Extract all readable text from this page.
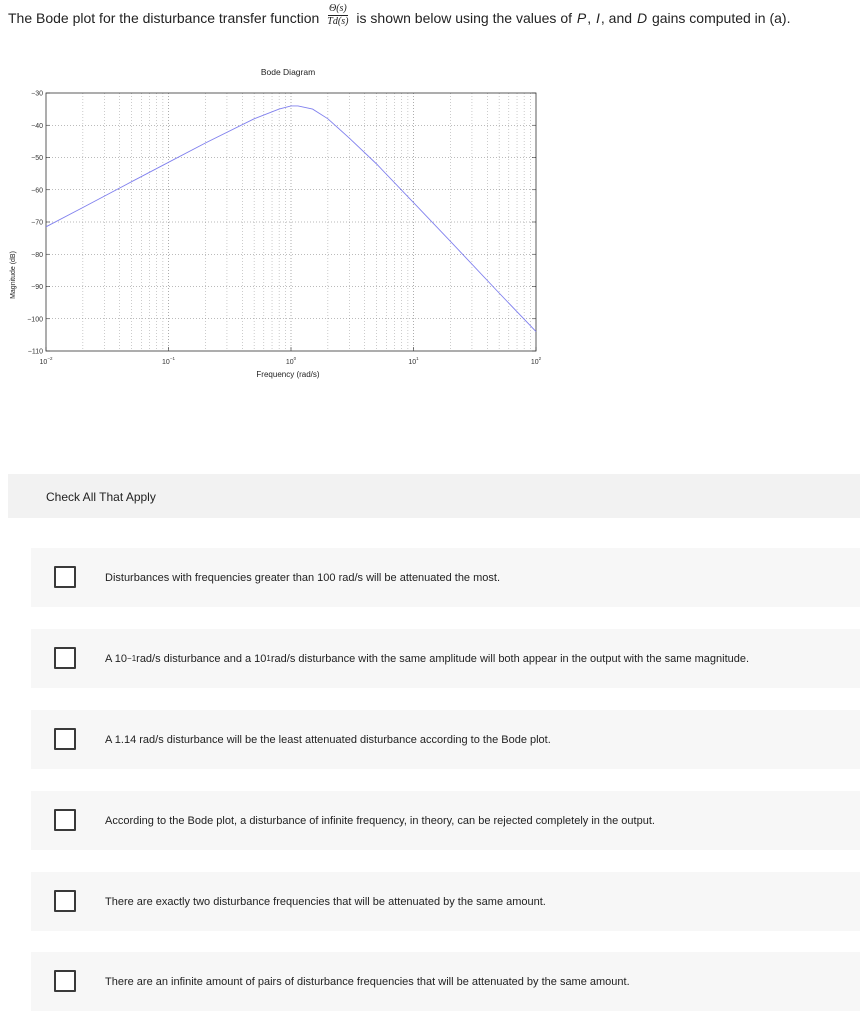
The Bode plot for the disturbance transfer function $\frac{\Theta(s)}{Td(s)}$ is shown below using the values of
P ,
I , and
D
gains computed in (a).
Bode Diagram
Magnitude (dB)
Frequency (rad/s)
−30
−40
−50
−60
−70
−80
−90
−100
−110
$10^{-2}$
$10^{-1}$
$10^0$
$10^1$
$10^2$
Check All That Apply
Disturbances with frequencies greater than 100 rad/s will be attenuated the most.
A 10 −1 rad/s disturbance and a 10 1 rad/s disturbance with the same amplitude will both appear in the output with the same magnitude.
A 1.14 rad/s disturbance will be the least attenuated disturbance according to the Bode plot.
According to the Bode plot, a disturbance of infinite frequency, in theory, can be rejected completely in the output.
There are exactly two disturbance frequencies that will be attenuated by the same amount.
There are an infinite amount of pairs of disturbance frequencies that will be attenuated by the same amount.
